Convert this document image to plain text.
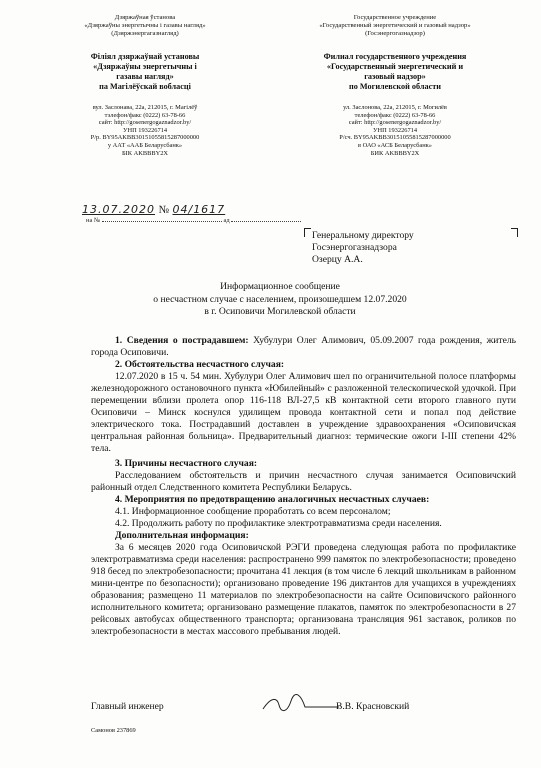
Дзяржаўная ўстанова
«Дзяржаўны энергетычны і газавы нагляд»
(Дзяржэнергагазнагляд)
Філіял дзяржаўнай установы
«Дзяржаўны энергетычны і
газавы нагляд»
па Магілёўскай вобласці
вул. Заслонава, 22а, 212015, г. Магілёў
тэлефон/факс (0222) 63-78-66
сайт: http://gosenergogaznadzor.by/
УНП 193226714
Р/р. BY95AKBB30151055815287000000
у ААТ «ААБ Беларусбанк»
БІК AKBBBY2X
Государственное учреждение
«Государственный энергетический и газовый надзор»
(Госэнергогазнадзор)
Филиал государственного учреждения
«Государственный энергетический и
газовый надзор»
по Могилевской области
ул. Заслонова, 22а, 212015, г. Могилёв
телефон/факс (0222) 63-78-66
сайт: http://gosenergogaznadzor.by/
УНП 193226714
Р/сч. BY95AKBB30151055815287000000
в ОАО «АСБ Беларусбанк»
БИК AKBBBY2X
13.07.2020 № 04/1617
на №	ад
Генеральному директору
Госэнергогазнадзора
Озерцу А.А.
Информационное сообщение
о несчастном случае с населением, произошедшем 12.07.2020
в г. Осиповичи Могилевской области

1. Сведения о пострадавшем: Хубулури Олег Алимович, 05.09.2007 года рождения, житель города Осиповичи.

2. Обстоятельства несчастного случая:

12.07.2020 в 15 ч. 54 мин. Хубулури Олег Алимович шел по ограничительной полосе платформы железнодорожного остановочного пункта «Юбилейный» с разложенной телескопической удочкой. При перемещении вблизи пролета опор 116-118 ВЛ-27,5 кВ контактной сети второго главного пути Осиповичи – Минск коснулся удилищем провода контактной сети и попал под действие электрического тока. Пострадавший доставлен в учреждение здравоохранения «Осиповичская центральная районная больница». Предварительный диагноз: термические ожоги I-III степени 42% тела.

3. Причины несчастного случая:

Расследованием обстоятельств и причин несчастного случая занимается Осиповичский районный отдел Следственного комитета Республики Беларусь.

4. Мероприятия по предотвращению аналогичных несчастных случаев:

4.1. Информационное сообщение проработать со всем персоналом;

4.2. Продолжить работу по профилактике электротравматизма среди населения.

Дополнительная информация:

За 6 месяцев 2020 года Осиповичской РЭГИ проведена следующая работа по профилактике электротравматизма среди населения: распространено 999 памяток по электробезопасности; проведено 918 бесед по электробезопасности; прочитана 41 лекция (в том числе 6 лекций школьникам в районном мини-центре по безопасности); организовано проведение 196 диктантов для учащихся в учреждениях образования; размещено 11 материалов по электробезопасности на сайте Осиповичского районного исполнительного комитета; организовано размещение плакатов, памяток по электробезопасности в 27 рейсовых автобусах общественного транспорта; организована трансляция 961 заставок, роликов по электробезопасности в местах массового пребывания людей.

Главный инженер	В.В. Красновский
Самонов 237869
